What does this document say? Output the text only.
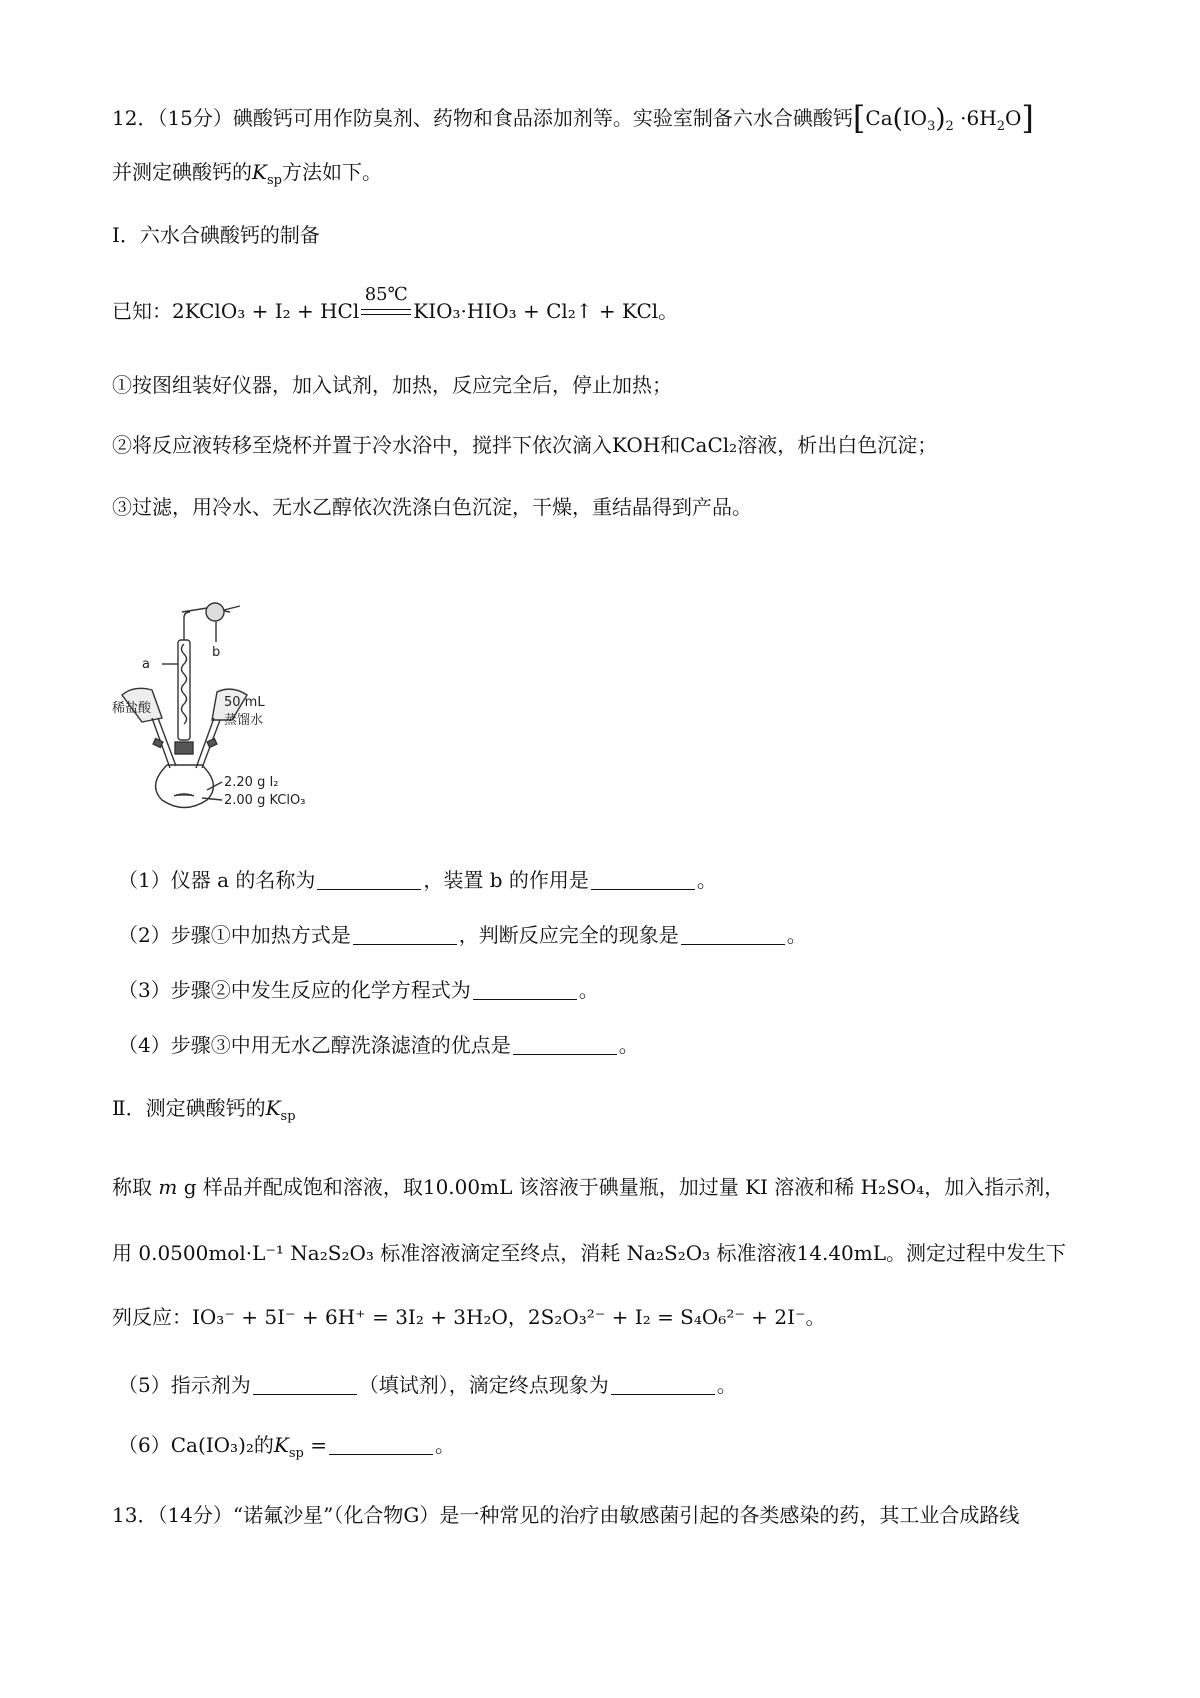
12．（15分）碘酸钙可用作防臭剂、药物和食品添加剂等。实验室制备六水合碘酸钙$[Ca(IO_3)_2 \cdot 6H_2O]$
并测定碘酸钙的$K_{sp}$方法如下。
Ⅰ．六水合碘酸钙的制备
已知：2KClO₃ + I₂ + HCl
85℃
KIO₃·HIO₃ + Cl₂↑ + KCl。
①按图组装好仪器，加入试剂，加热，反应完全后，停止加热；
②将反应液转移至烧杯并置于冷水浴中，搅拌下依次滴入KOH和CaCl₂溶液，析出白色沉淀；
③过滤，用冷水、无水乙醇依次洗涤白色沉淀，干燥，重结晶得到产品。
a
b
稀盐酸	50 mL
蒸馏水
2.20 g I₂
2.00 g KClO₃
（1）仪器 a 的名称为	，装置 b 的作用是	。
（2）步骤①中加热方式是	，判断反应完全的现象是	。
（3）步骤②中发生反应的化学方程式为	。
（4）步骤③中用无水乙醇洗涤滤渣的优点是	。
Ⅱ．测定碘酸钙的$K_{sp}$
称取 m g 样品并配成饱和溶液，取10.00mL 该溶液于碘量瓶，加过量 KI 溶液和稀 H₂SO₄，加入指示剂，
用 0.0500mol·L⁻¹ Na₂S₂O₃ 标准溶液滴定至终点，消耗 Na₂S₂O₃ 标准溶液14.40mL。测定过程中发生下
列反应：IO₃⁻ + 5I⁻ + 6H⁺ = 3I₂ + 3H₂O，2S₂O₃²⁻ + I₂ = S₄O₆²⁻ + 2I⁻。
（5）指示剂为	（填试剂），滴定终点现象为	。
（6）Ca(IO₃)₂的$K_{sp}$ =	。
13．（14分）“诺氟沙星”（化合物G）是一种常见的治疗由敏感菌引起的各类感染的药，其工业合成路线
